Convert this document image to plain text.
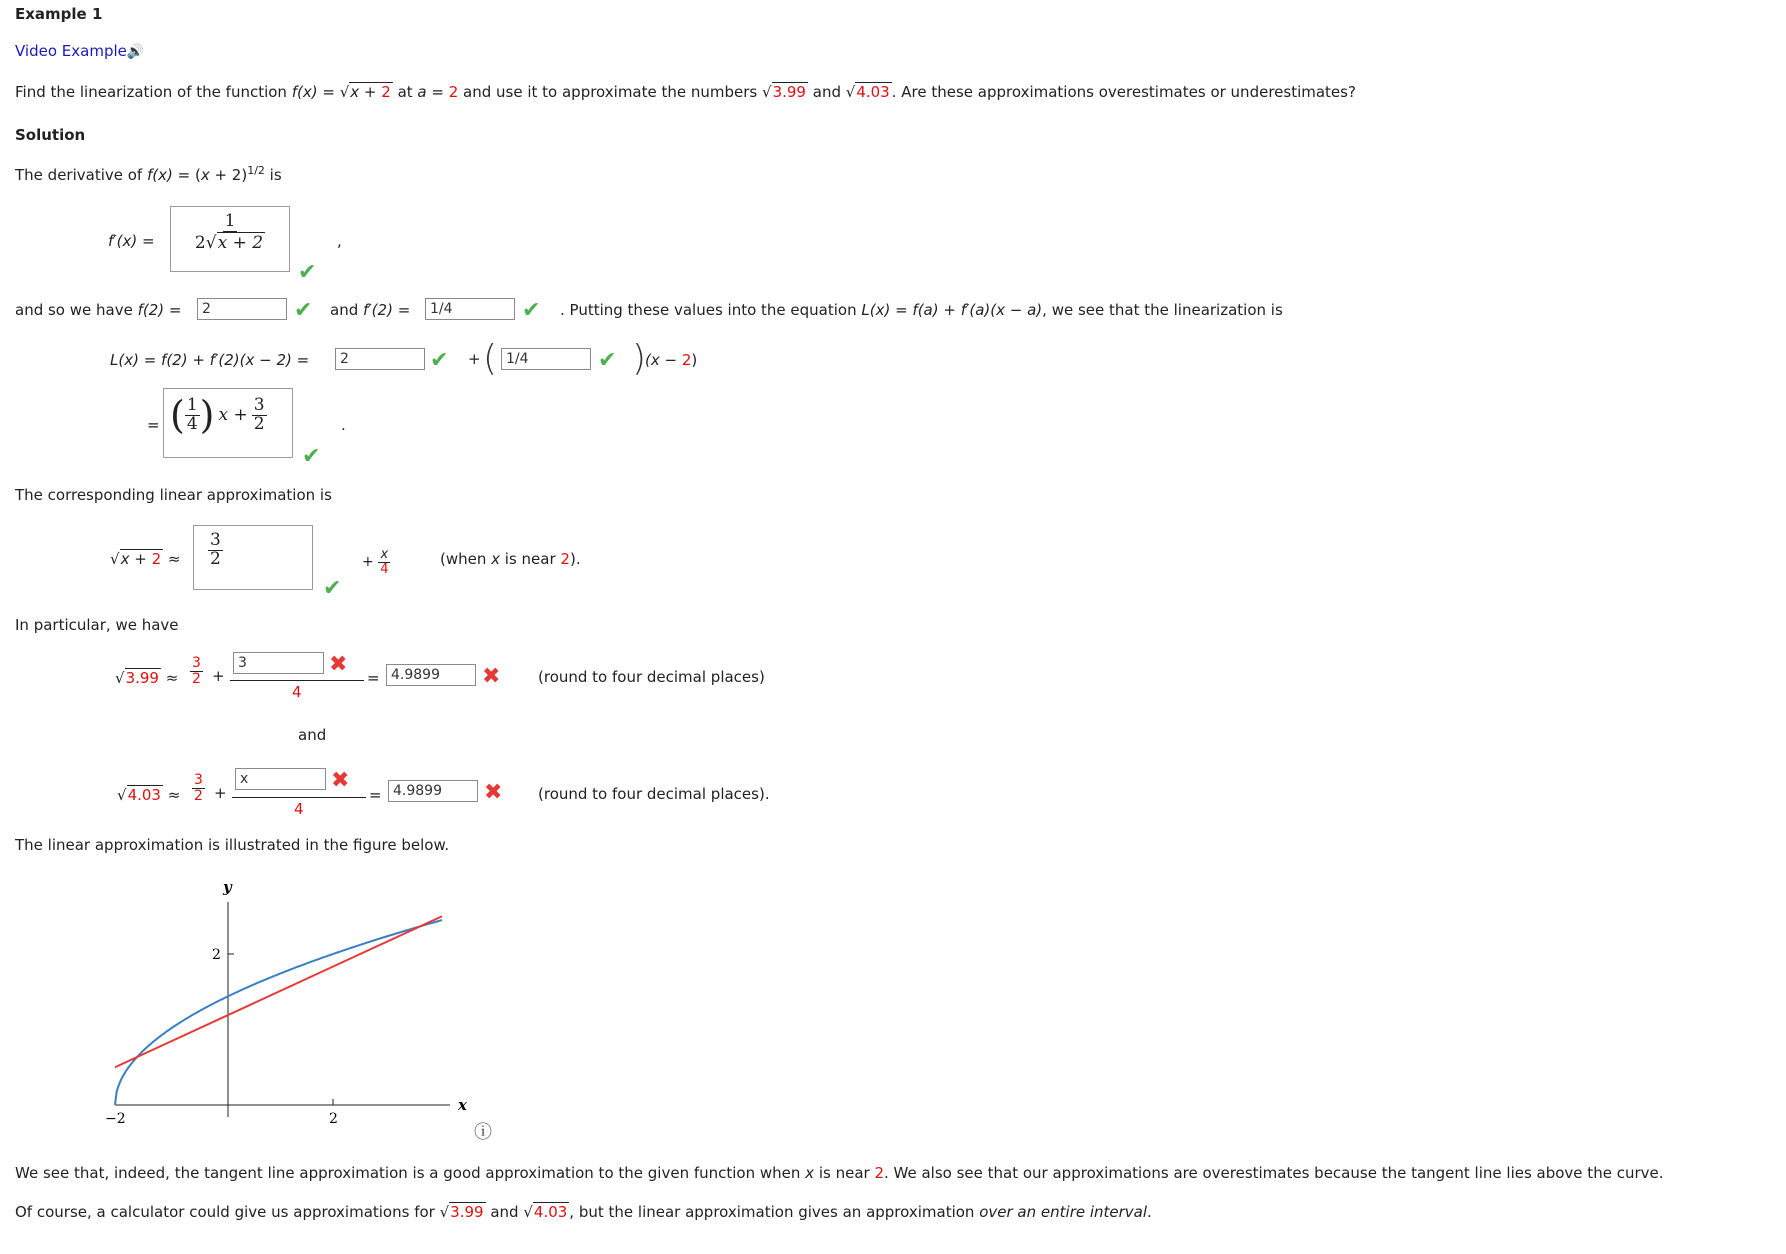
Example 1
Video Example🔊
Find the linearization of the function f(x) = √x + 2 at a = 2 and use it to approximate the numbers √3.99 and √4.03 . Are these approximations overestimates or underestimates?
Solution
The derivative of $f(x) = (x + 2)^{1/2}$ is
$f'(x) = \frac{1}{2√x + 2}$	,
✔
and so we have f(2) =	2	✔ and f′(2) =	1/4	✔ . Putting these values into the equation L(x) = f(a) + f′(a)(x − a), we see that the linearization is
L(x) = f(2) + f′(2)(x − 2) =	2	✔ + ( 1/4	✔ )
(x − 2)
= ( $\frac{1}{4}$ ) $x + \frac{3}{2}$	.
✔
The corresponding linear approximation is
$√x + 2 \approx \frac{3}{2}$
✔
+ $\frac{x}{4}$	(when x is near 2).
In particular, we have
$√3.99 \approx \frac{3}{2}$ +
3	✖
4
= 4.9899	✖	(round to four decimal places)
and
$√4.03 \approx \frac{3}{2}$ +
x	✖
4
= 4.9899	✖ (round to four decimal places).
The linear approximation is illustrated in the figure below.
y
x
2
−2	2
ⓘ
We see that, indeed, the tangent line approximation is a good approximation to the given function when x is near 2. We also see that our approximations are overestimates because the tangent line lies above the curve.
Of course, a calculator could give us approximations for √3.99 and √4.03 , but the linear approximation gives an approximation over an entire interval.
